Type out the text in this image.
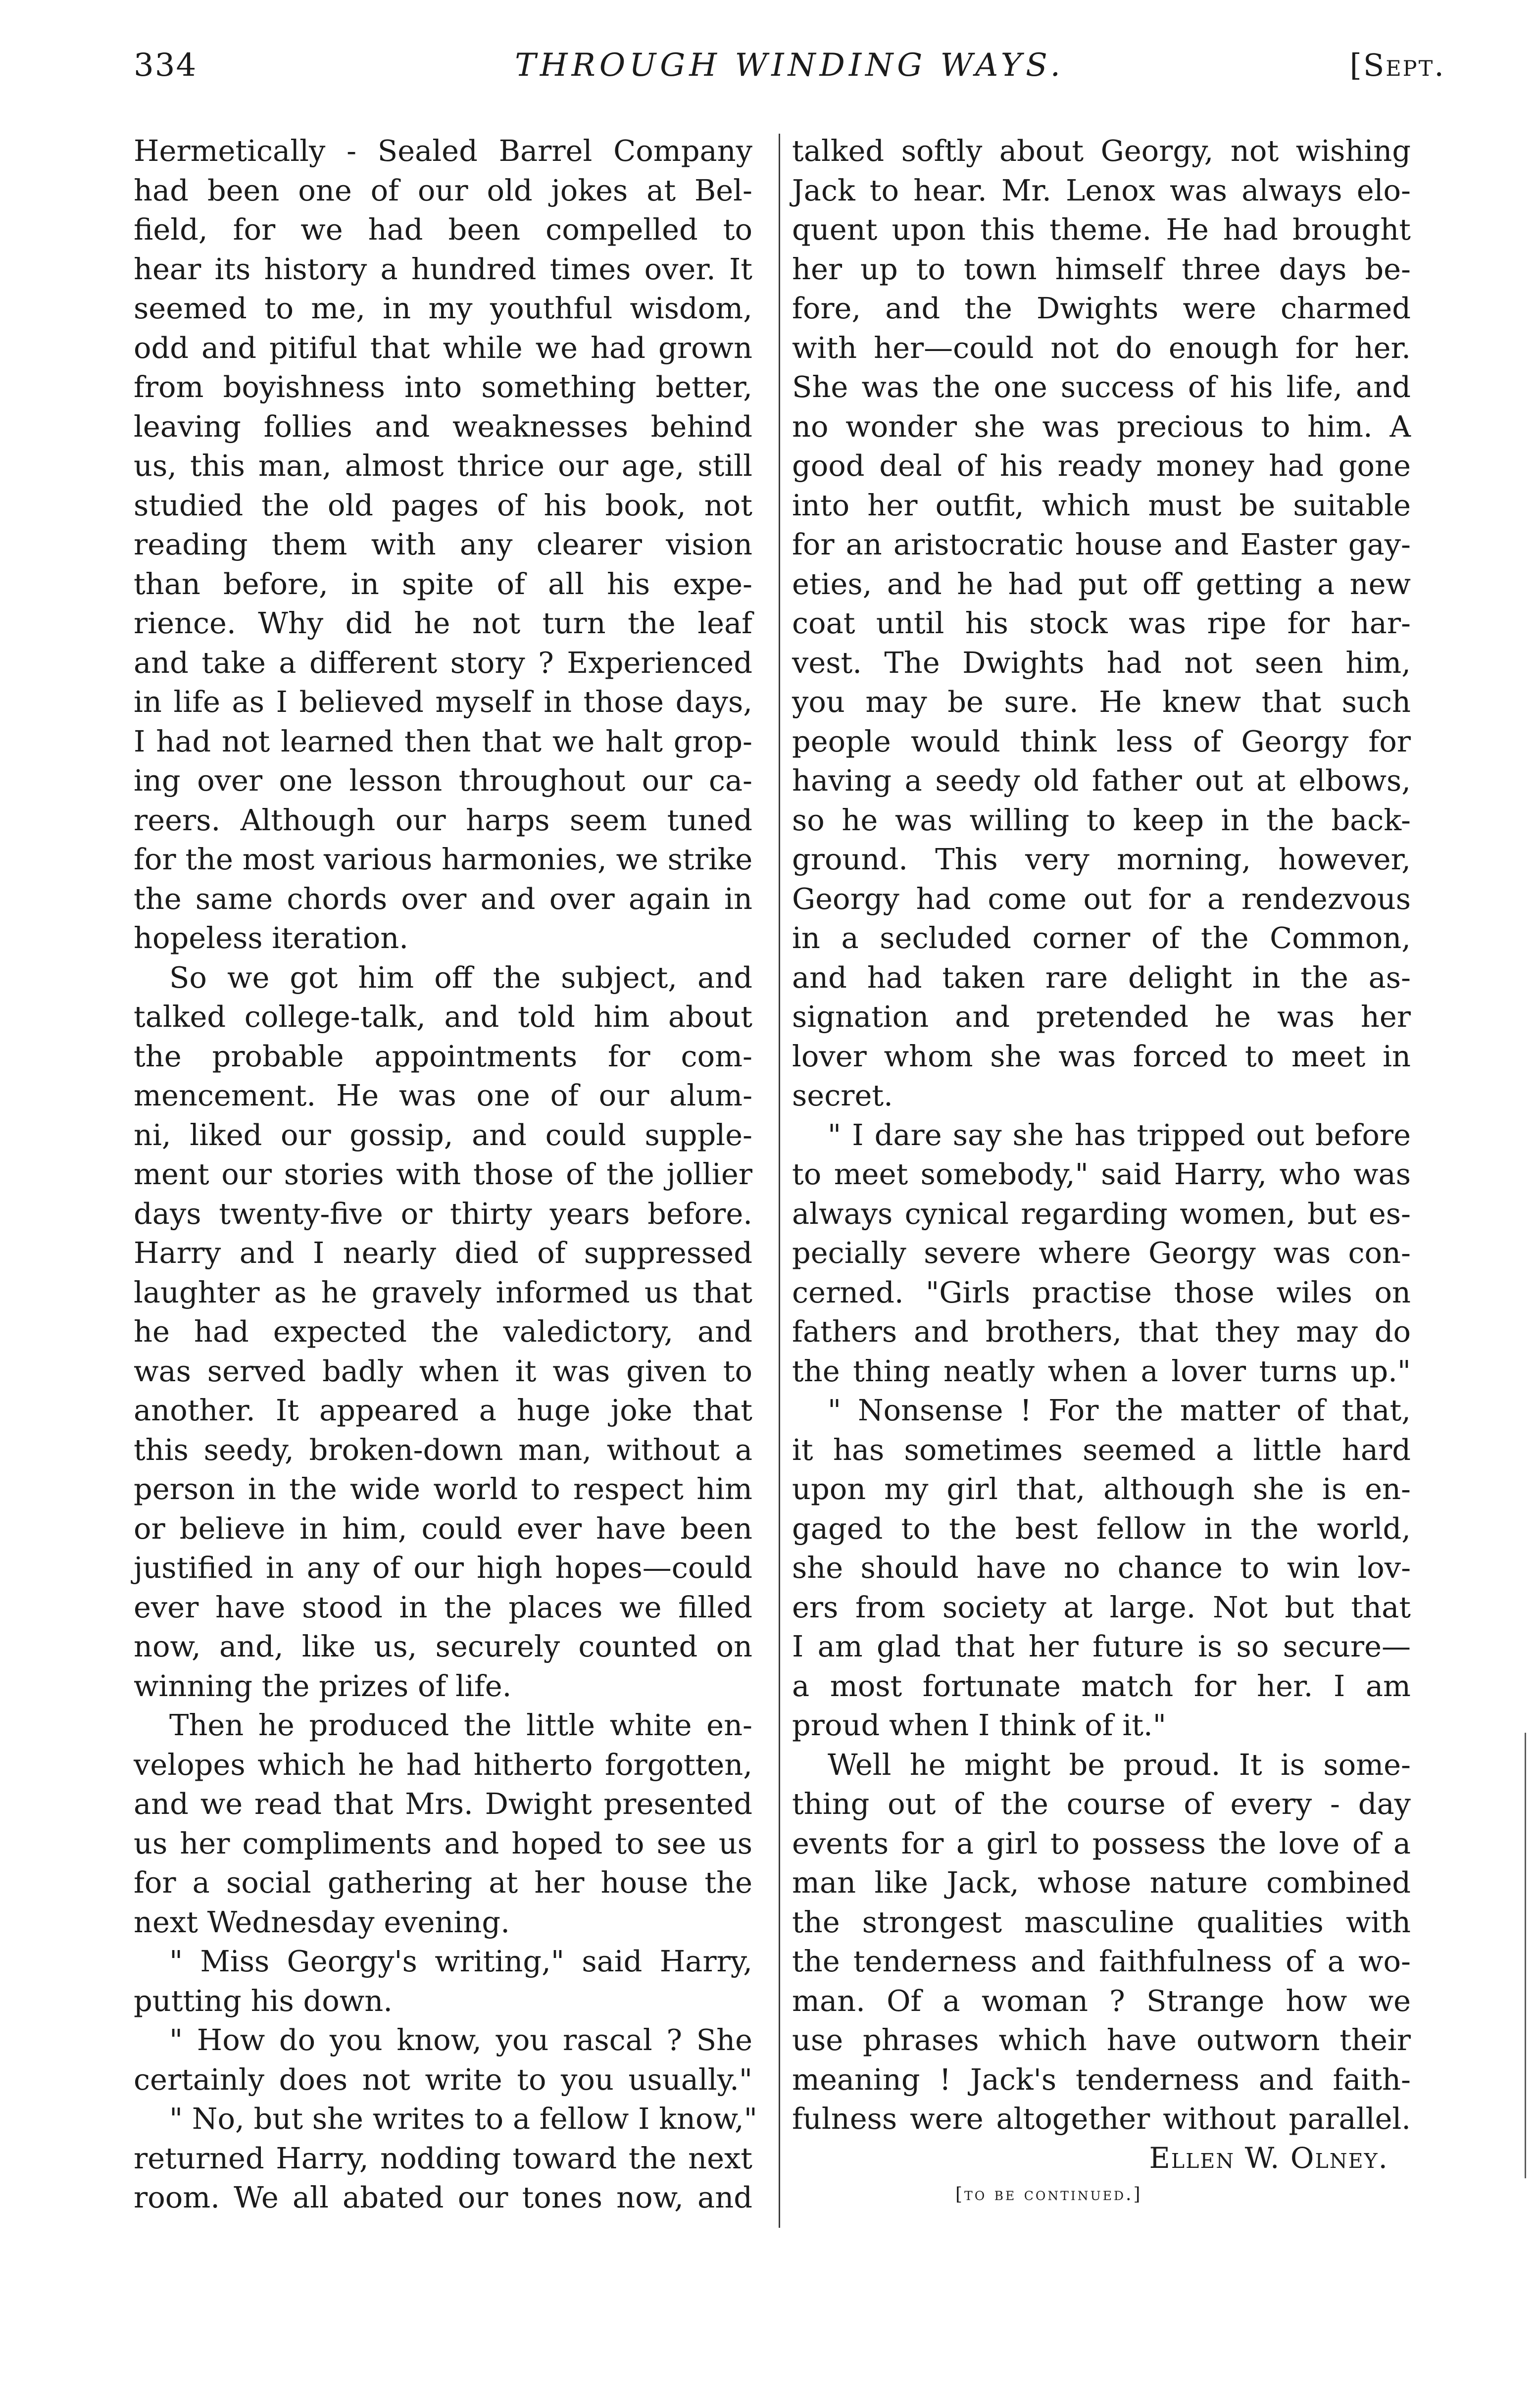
334	THROUGH WINDING WAYS.	[Sept.
Hermetically - Sealed Barrel Company
had been one of our old jokes at Bel-
field, for we had been compelled to
hear its history a hundred times over. It
seemed to me, in my youthful wisdom,
odd and pitiful that while we had grown
from boyishness into something better,
leaving follies and weaknesses behind
us, this man, almost thrice our age, still
studied the old pages of his book, not
reading them with any clearer vision
than before, in spite of all his expe-
rience. Why did he not turn the leaf
and take a different story ? Experienced
in life as I believed myself in those days,
I had not learned then that we halt grop-
ing over one lesson throughout our ca-
reers. Although our harps seem tuned
for the most various harmonies, we strike
the same chords over and over again in
hopeless iteration.
So we got him off the subject, and
talked college-talk, and told him about
the probable appointments for com-
mencement. He was one of our alum-
ni, liked our gossip, and could supple-
ment our stories with those of the jollier
days twenty-five or thirty years before.
Harry and I nearly died of suppressed
laughter as he gravely informed us that
he had expected the valedictory, and
was served badly when it was given to
another. It appeared a huge joke that
this seedy, broken-down man, without a
person in the wide world to respect him
or believe in him, could ever have been
justified in any of our high hopes—could
ever have stood in the places we filled
now, and, like us, securely counted on
winning the prizes of life.
Then he produced the little white en-
velopes which he had hitherto forgotten,
and we read that Mrs. Dwight presented
us her compliments and hoped to see us
for a social gathering at her house the
next Wednesday evening.
" Miss Georgy's writing," said Harry,
putting his down.
" How do you know, you rascal ? She
certainly does not write to you usually."
" No, but she writes to a fellow I know,"
returned Harry, nodding toward the next
room. We all abated our tones now, and
talked softly about Georgy, not wishing
Jack to hear. Mr. Lenox was always elo-
quent upon this theme. He had brought
her up to town himself three days be-
fore, and the Dwights were charmed
with her—could not do enough for her.
She was the one success of his life, and
no wonder she was precious to him. A
good deal of his ready money had gone
into her outfit, which must be suitable
for an aristocratic house and Easter gay-
eties, and he had put off getting a new
coat until his stock was ripe for har-
vest. The Dwights had not seen him,
you may be sure. He knew that such
people would think less of Georgy for
having a seedy old father out at elbows,
so he was willing to keep in the back-
ground. This very morning, however,
Georgy had come out for a rendezvous
in a secluded corner of the Common,
and had taken rare delight in the as-
signation and pretended he was her
lover whom she was forced to meet in
secret.
" I dare say she has tripped out before
to meet somebody," said Harry, who was
always cynical regarding women, but es-
pecially severe where Georgy was con-
cerned. "Girls practise those wiles on
fathers and brothers, that they may do
the thing neatly when a lover turns up."
" Nonsense ! For the matter of that,
it has sometimes seemed a little hard
upon my girl that, although she is en-
gaged to the best fellow in the world,
she should have no chance to win lov-
ers from society at large. Not but that
I am glad that her future is so secure—
a most fortunate match for her. I am
proud when I think of it."
Well he might be proud. It is some-
thing out of the course of every - day
events for a girl to possess the love of a
man like Jack, whose nature combined
the strongest masculine qualities with
the tenderness and faithfulness of a wo-
man. Of a woman ? Strange how we
use phrases which have outworn their
meaning ! Jack's tenderness and faith-
fulness were altogether without parallel.
Ellen W. Olney.
[to be continued.]
